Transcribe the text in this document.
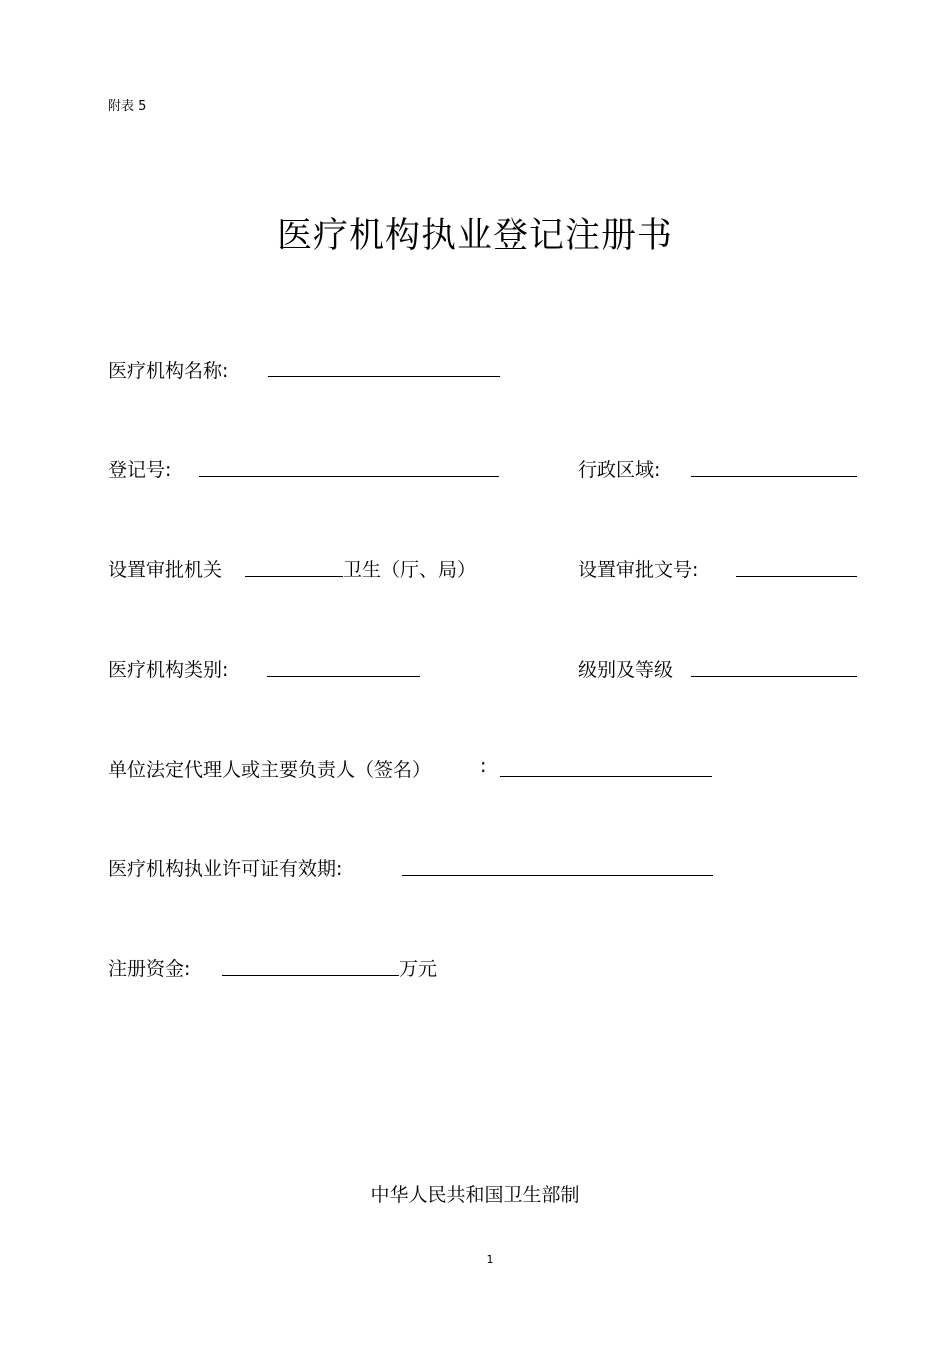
附表 5
医疗机构执业登记注册书
医疗机构名称:
登记号:	行政区域:
设置审批机关	卫生（厅、局）	设置审批文号:
医疗机构类别:	级别及等级
单位法定代理人或主要负责人（签名）	:
医疗机构执业许可证有效期:
注册资金:	万元
中华人民共和国卫生部制
1
